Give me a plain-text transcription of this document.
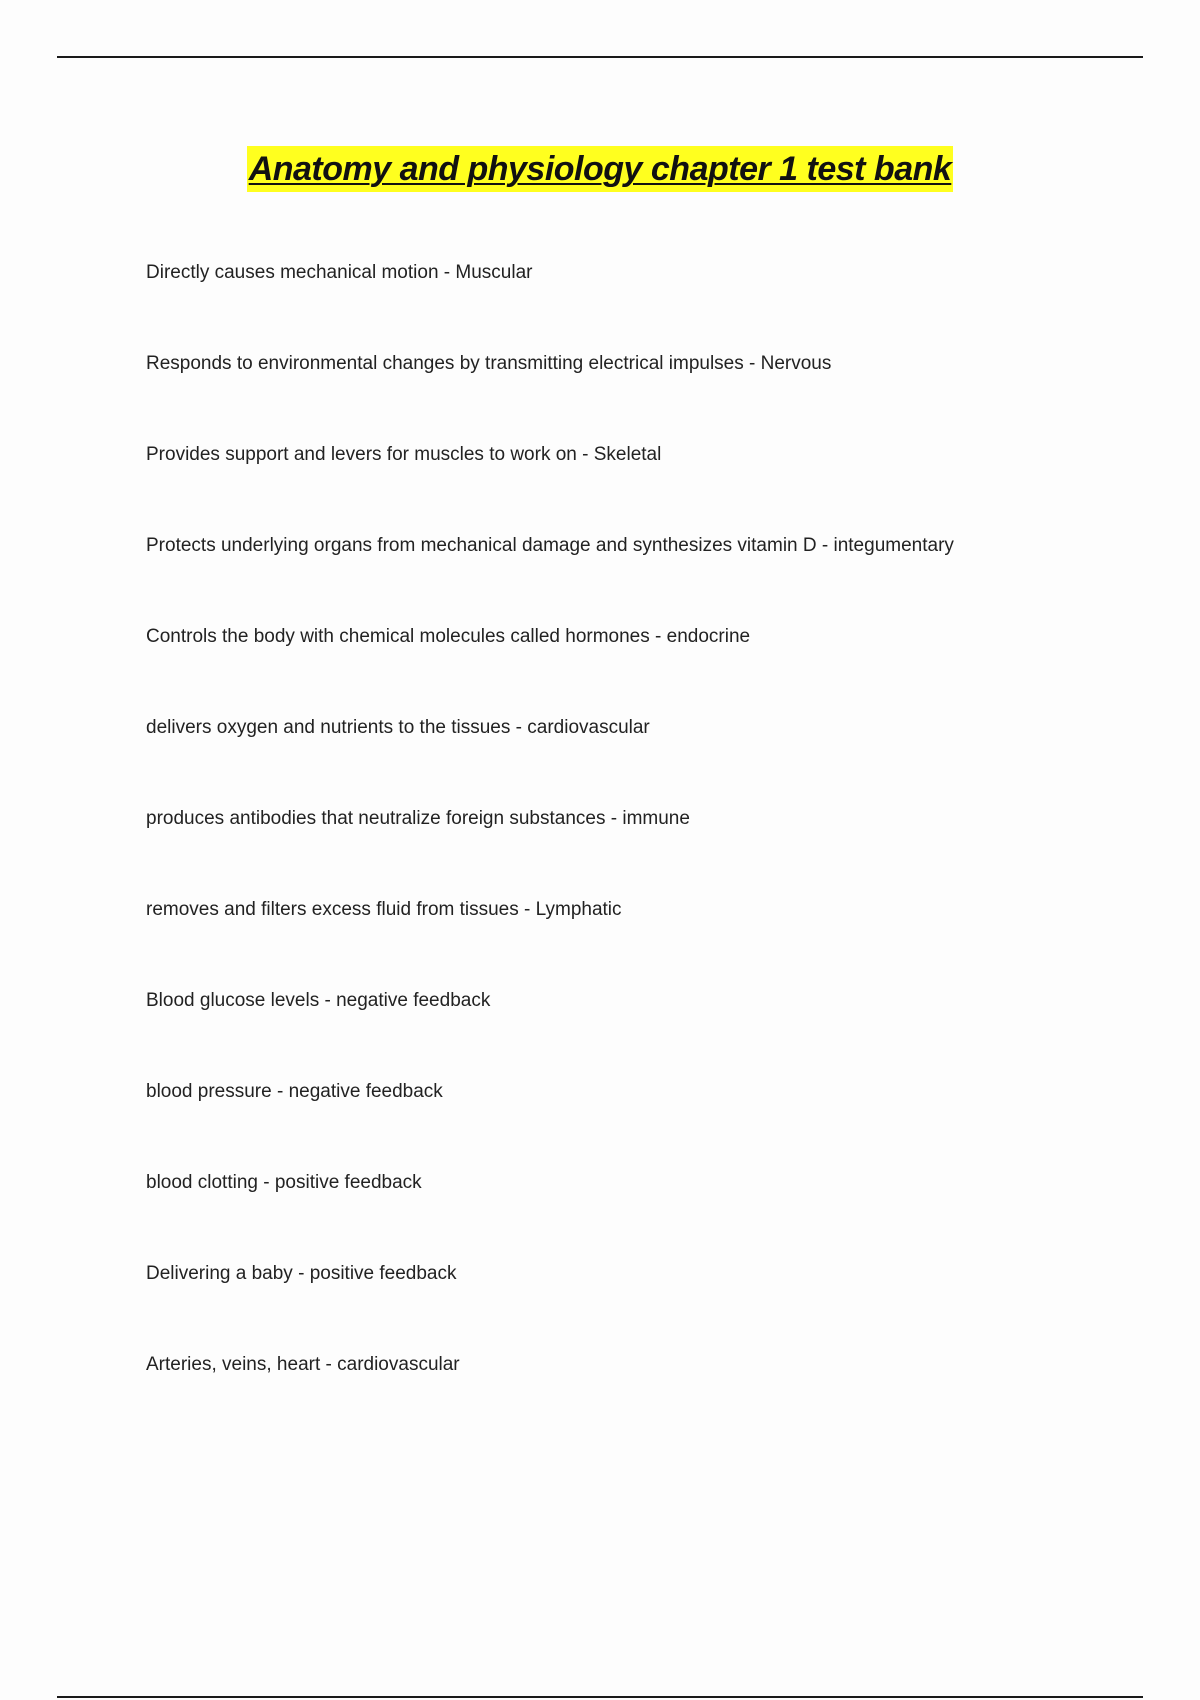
Anatomy and physiology chapter 1 test bank
Directly causes mechanical motion - Muscular
Responds to environmental changes by transmitting electrical impulses - Nervous
Provides support and levers for muscles to work on - Skeletal
Protects underlying organs from mechanical damage and synthesizes vitamin D - integumentary
Controls the body with chemical molecules called hormones - endocrine
delivers oxygen and nutrients to the tissues - cardiovascular
produces antibodies that neutralize foreign substances - immune
removes and filters excess fluid from tissues - Lymphatic
Blood glucose levels - negative feedback
blood pressure - negative feedback
blood clotting - positive feedback
Delivering a baby - positive feedback
Arteries, veins, heart - cardiovascular
